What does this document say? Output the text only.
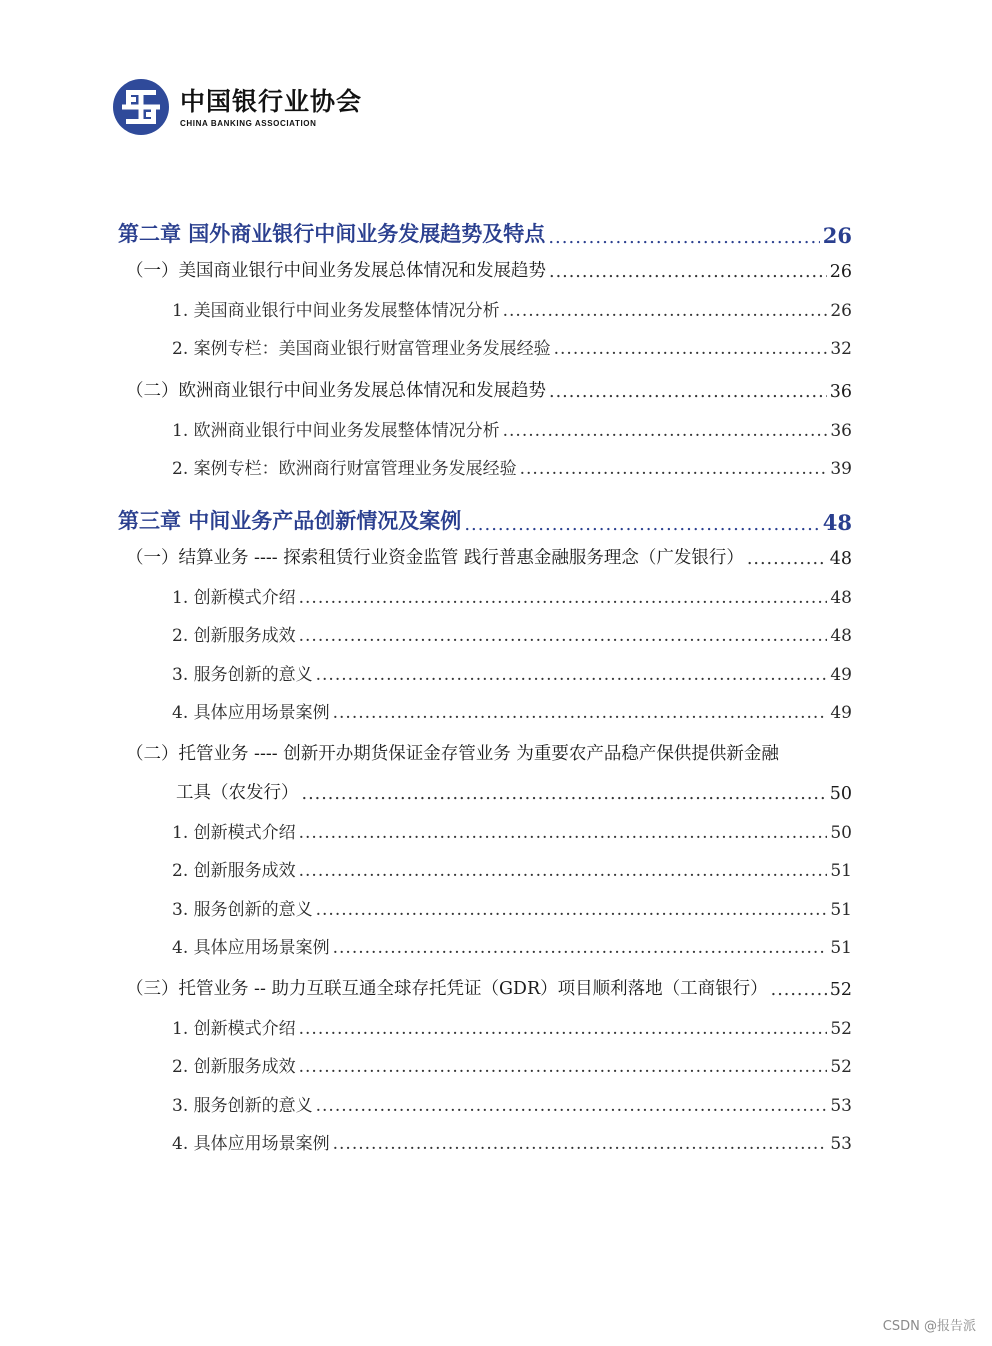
中国银行业协会
CHINA BANKING ASSOCIATION
第二章 国外商业银行中间业务发展趋势及特点 .....	26
（一）美国商业银行中间业务发展总体情况和发展趋势 .....	26
1. 美国商业银行中间业务发展整体情况分析 .....	26
2. 案例专栏：美国商业银行财富管理业务发展经验 .....	32
（二）欧洲商业银行中间业务发展总体情况和发展趋势 .....	36
1. 欧洲商业银行中间业务发展整体情况分析 .....	36
2. 案例专栏：欧洲商行财富管理业务发展经验 .....	39
第三章 中间业务产品创新情况及案例 .....	48
（一）结算业务 ---- 探索租赁行业资金监管 践行普惠金融服务理念（广发银行） .....	48
1. 创新模式介绍 .....	48
2. 创新服务成效 .....	48
3. 服务创新的意义 .....	49
4. 具体应用场景案例 .....	49
（二）托管业务 ---- 创新开办期货保证金存管业务 为重要农产品稳产保供提供新金融
工具（农发行） .....	50
1. 创新模式介绍 .....	50
2. 创新服务成效 .....	51
3. 服务创新的意义 .....	51
4. 具体应用场景案例 .....	51
（三）托管业务 -- 助力互联互通全球存托凭证（GDR）项目顺利落地（工商银行） .....	52
1. 创新模式介绍 .....	52
2. 创新服务成效 .....	52
3. 服务创新的意义 .....	53
4. 具体应用场景案例 .....	53
CSDN @报告派
